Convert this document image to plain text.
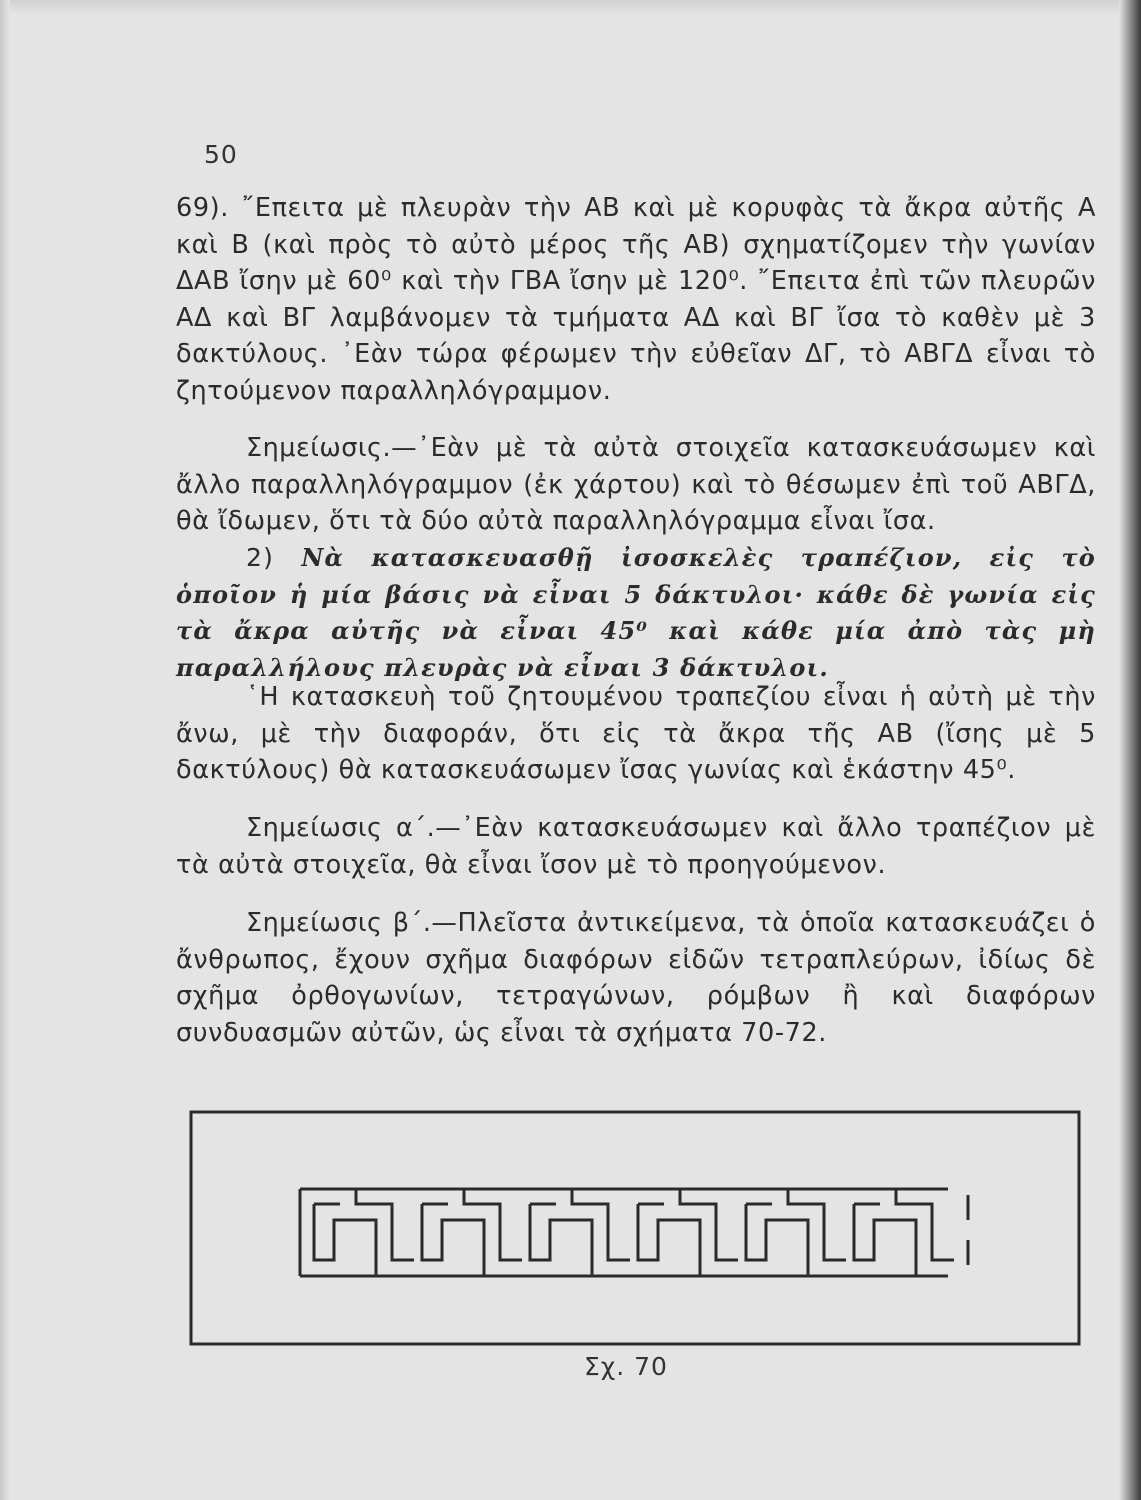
50

69). ῎Επειτα μὲ πλευρὰν τὴν ΑΒ καὶ μὲ κορυφὰς τὰ ἄκρα αὐτῆς Α καὶ Β (καὶ πρὸς τὸ αὐτὸ μέρος τῆς ΑΒ) σχηματίζομεν τὴν γωνίαν ΔΑΒ ἴσην μὲ 60⁰ καὶ τὴν ΓΒΑ ἴσην μὲ 120⁰. ῎Επειτα ἐπὶ τῶν πλευρῶν ΑΔ καὶ ΒΓ λαμβάνομεν τὰ τμήματα ΑΔ καὶ ΒΓ ἴσα τὸ καθὲν μὲ 3 δακτύλους. ᾿Εὰν τώρα φέρωμεν τὴν εὐθεῖαν ΔΓ, τὸ ΑΒΓΔ εἶναι τὸ ζητούμενον παραλληλόγραμμον.

Σημείωσις.—᾿Εὰν μὲ τὰ αὐτὰ στοιχεῖα κατασκευάσωμεν καὶ ἄλλο παραλληλόγραμμον (ἐκ χάρτου) καὶ τὸ θέσωμεν ἐπὶ τοῦ ΑΒΓΔ, θὰ ἴδωμεν, ὅτι τὰ δύο αὐτὰ παραλληλόγραμμα εἶναι ἴσα.

2) Νὰ κατασκευασθῇ ἰσοσκελὲς τραπέζιον, εἰς τὸ ὁποῖον ἡ μία βάσις νὰ εἶναι 5 δάκτυλοι· κάθε δὲ γωνία εἰς τὰ ἄκρα αὐτῆς νὰ εἶναι 45⁰ καὶ κάθε μία ἀπὸ τὰς μὴ παραλλήλους πλευρὰς νὰ εἶναι 3 δάκτυλοι.

῾Η κατασκευὴ τοῦ ζητουμένου τραπεζίου εἶναι ἡ αὐτὴ μὲ τὴν ἄνω, μὲ τὴν διαφοράν, ὅτι εἰς τὰ ἄκρα τῆς ΑΒ (ἴσης μὲ 5 δακτύλους) θὰ κατασκευάσωμεν ἴσας γωνίας καὶ ἑκάστην 45⁰.

Σημείωσις α΄.—᾿Εὰν κατασκευάσωμεν καὶ ἄλλο τραπέζιον μὲ τὰ αὐτὰ στοιχεῖα, θὰ εἶναι ἴσον μὲ τὸ προηγούμενον.

Σημείωσις β΄.—Πλεῖστα ἀντικείμενα, τὰ ὁποῖα κατασκευάζει ὁ ἄνθρωπος, ἔχουν σχῆμα διαφόρων εἰδῶν τετραπλεύρων, ἰδίως δὲ σχῆμα ὀρθογωνίων, τετραγώνων, ρόμβων ἢ καὶ διαφόρων συνδυασμῶν αὐτῶν, ὡς εἶναι τὰ σχήματα 70-72.

Σχ. 70
